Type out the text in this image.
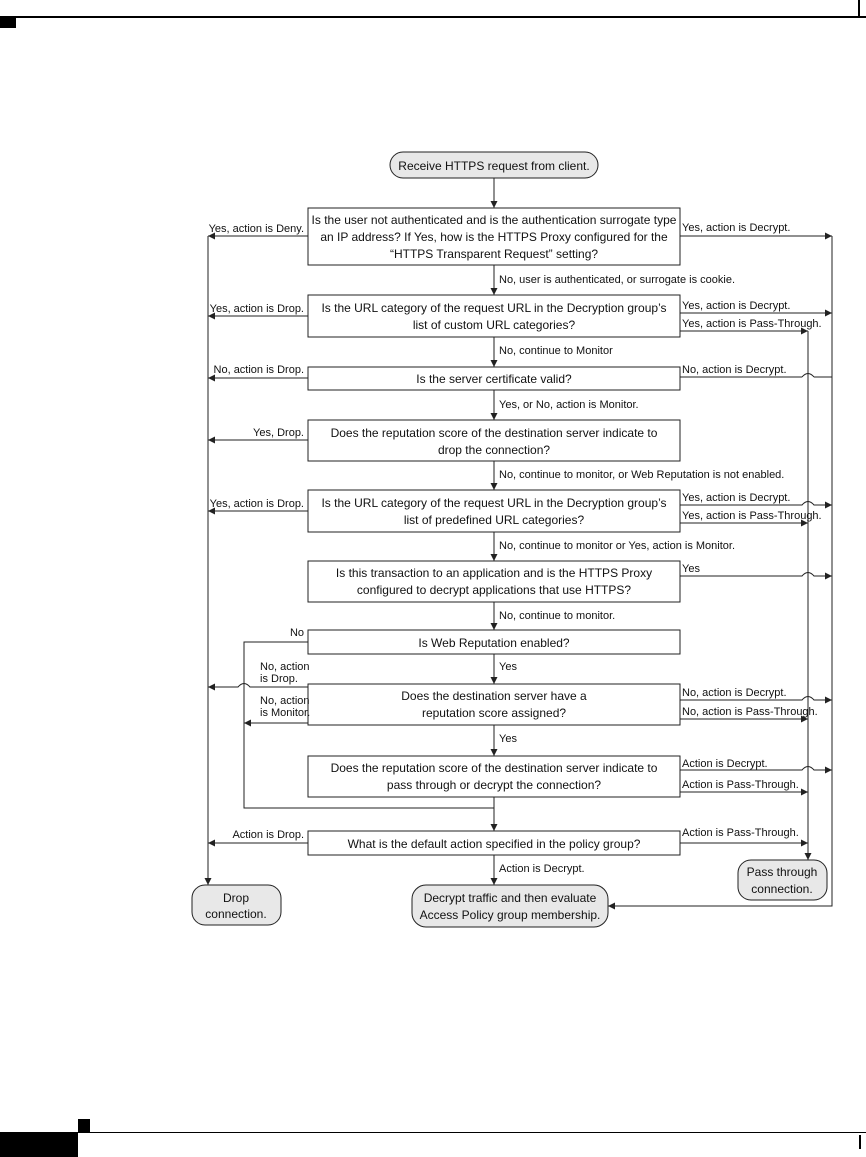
Receive HTTPS request from client.
Is the user not authenticated and is the authentication surrogate type
an IP address? If Yes, how is the HTTPS Proxy configured for the
“HTTPS Transparent Request” setting?
Is the URL category of the request URL in the Decryption group’s
list of custom URL categories?
Is the server certificate valid?
Does the reputation score of the destination server indicate to
drop the connection?
Is the URL category of the request URL in the Decryption group’s
list of predefined URL categories?
Is this transaction to an application and is the HTTPS Proxy
configured to decrypt applications that use HTTPS?
Is Web Reputation enabled?
Does the destination server have a
reputation score assigned?
Does the reputation score of the destination server indicate to
pass through or decrypt the connection?
What is the default action specified in the policy group?
No, user is authenticated, or surrogate is cookie.
No, continue to Monitor
Yes, or No, action is Monitor.
No, continue to monitor, or Web Reputation is not enabled.
No, continue to monitor or Yes, action is Monitor.
No, continue to monitor.
Yes
Yes
Action is Decrypt.
Yes, action is Deny.
Yes, action is Drop.
No, action is Drop.
Yes, Drop.
Yes, action is Drop.
Action is Drop.
No
No, action
is Drop.
No, action
is Monitor.
Yes, action is Decrypt.
Yes, action is Decrypt.
No, action is Decrypt.
Yes, action is Decrypt.
Yes
No, action is Decrypt.
Action is Decrypt.
Yes, action is Pass-Through.
Yes, action is Pass-Through.
No, action is Pass-Through.
Action is Pass-Through.
Action is Pass-Through.
Drop
connection.
Decrypt traffic and then evaluate
Access Policy group membership.
Pass through
connection.
